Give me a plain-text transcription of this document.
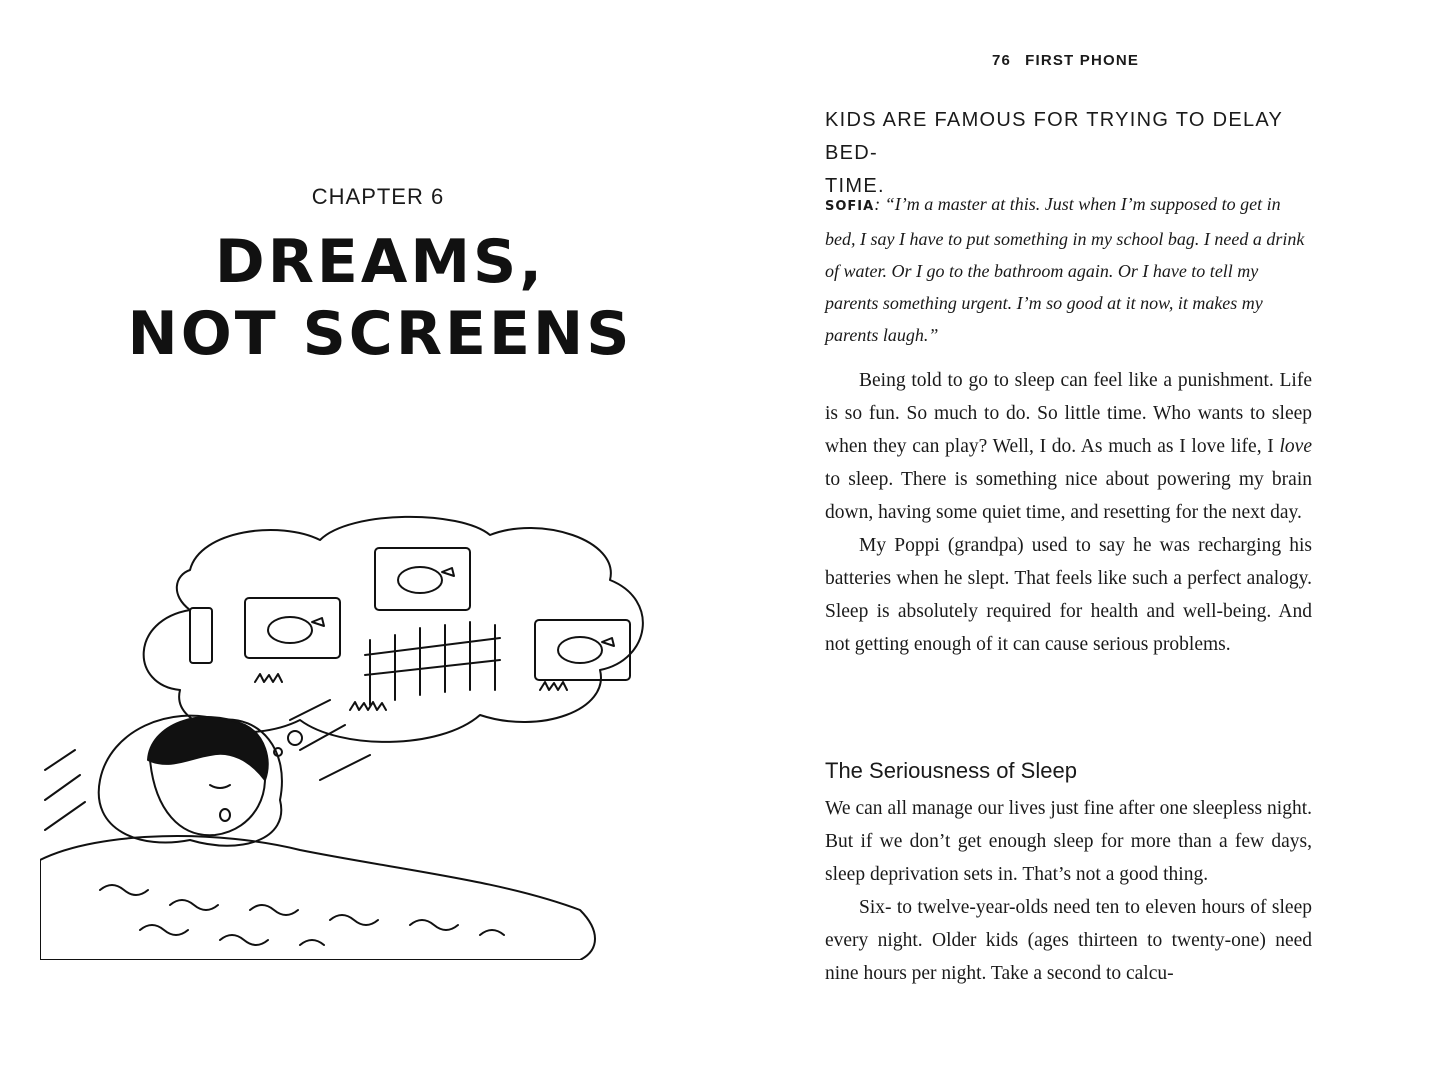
CHAPTER 6
DREAMS,
NOT SCREENS
76 FIRST PHONE
KIDS ARE FAMOUS FOR TRYING TO DELAY BED-
TIME.
SOFIA: “I’m a master at this. Just when I’m supposed to get in bed, I say I have to put something in my school bag. I need a drink of water. Or I go to the bathroom again. Or I have to tell my parents something urgent. I’m so good at it now, it makes my parents laugh.”

Being told to go to sleep can feel like a punishment. Life is so fun. So much to do. So little time. Who wants to sleep when they can play? Well, I do. As much as I love life, I love to sleep. There is something nice about powering my brain down, having some quiet time, and resetting for the next day.

My Poppi (grandpa) used to say he was recharging his batteries when he slept. That feels like such a perfect analogy. Sleep is absolutely required for health and well-being. And not getting enough of it can cause serious problems.

The Seriousness of Sleep

We can all manage our lives just fine after one sleepless night. But if we don’t get enough sleep for more than a few days, sleep deprivation sets in. That’s not a good thing.

Six- to twelve-year-olds need ten to eleven hours of sleep every night. Older kids (ages thirteen to twenty-one) need nine hours per night. Take a second to calcu-
